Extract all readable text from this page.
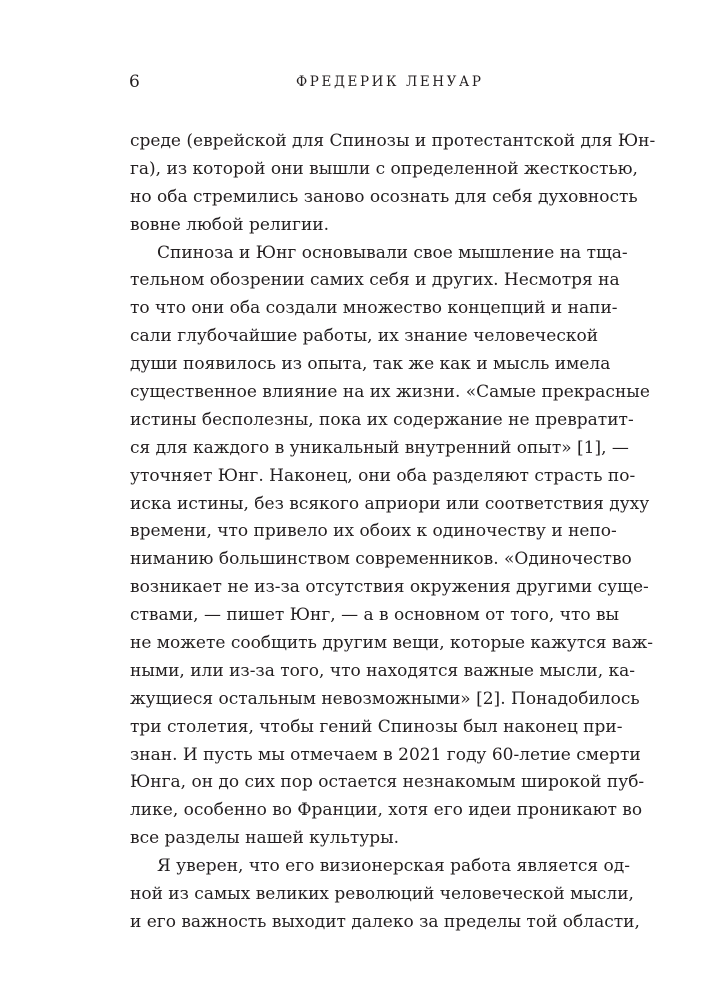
6	ФРЕДЕРИК ЛЕНУАР
среде (еврейской для Спинозы и протестантской для Юн-
га), из которой они вышли с определенной жесткостью,
но оба стремились заново осознать для себя духовность
вовне любой религии.
Спиноза и Юнг основывали свое мышление на тща-
тельном обозрении самих себя и других. Несмотря на
то что они оба создали множество концепций и напи-
сали глубочайшие работы, их знание человеческой
души появилось из опыта, так же как и мысль имела
существенное влияние на их жизни. «Самые прекрасные
истины бесполезны, пока их содержание не превратит-
ся для каждого в уникальный внутренний опыт» [1], —
уточняет Юнг. Наконец, они оба разделяют страсть по-
иска истины, без всякого априори или соответствия духу
времени, что привело их обоих к одиночеству и непо-
ниманию большинством современников. «Одиночество
возникает не из-за отсутствия окружения другими суще-
ствами, — пишет Юнг, — а в основном от того, что вы
не можете сообщить другим вещи, которые кажутся важ-
ными, или из-за того, что находятся важные мысли, ка-
жущиеся остальным невозможными» [2]. Понадобилось
три столетия, чтобы гений Спинозы был наконец при-
знан. И пусть мы отмечаем в 2021 году 60-летие смерти
Юнга, он до сих пор остается незнакомым широкой пуб-
лике, особенно во Франции, хотя его идеи проникают во
все разделы нашей культуры.
Я уверен, что его визионерская работа является од-
ной из самых великих революций человеческой мысли,
и его важность выходит далеко за пределы той области,
